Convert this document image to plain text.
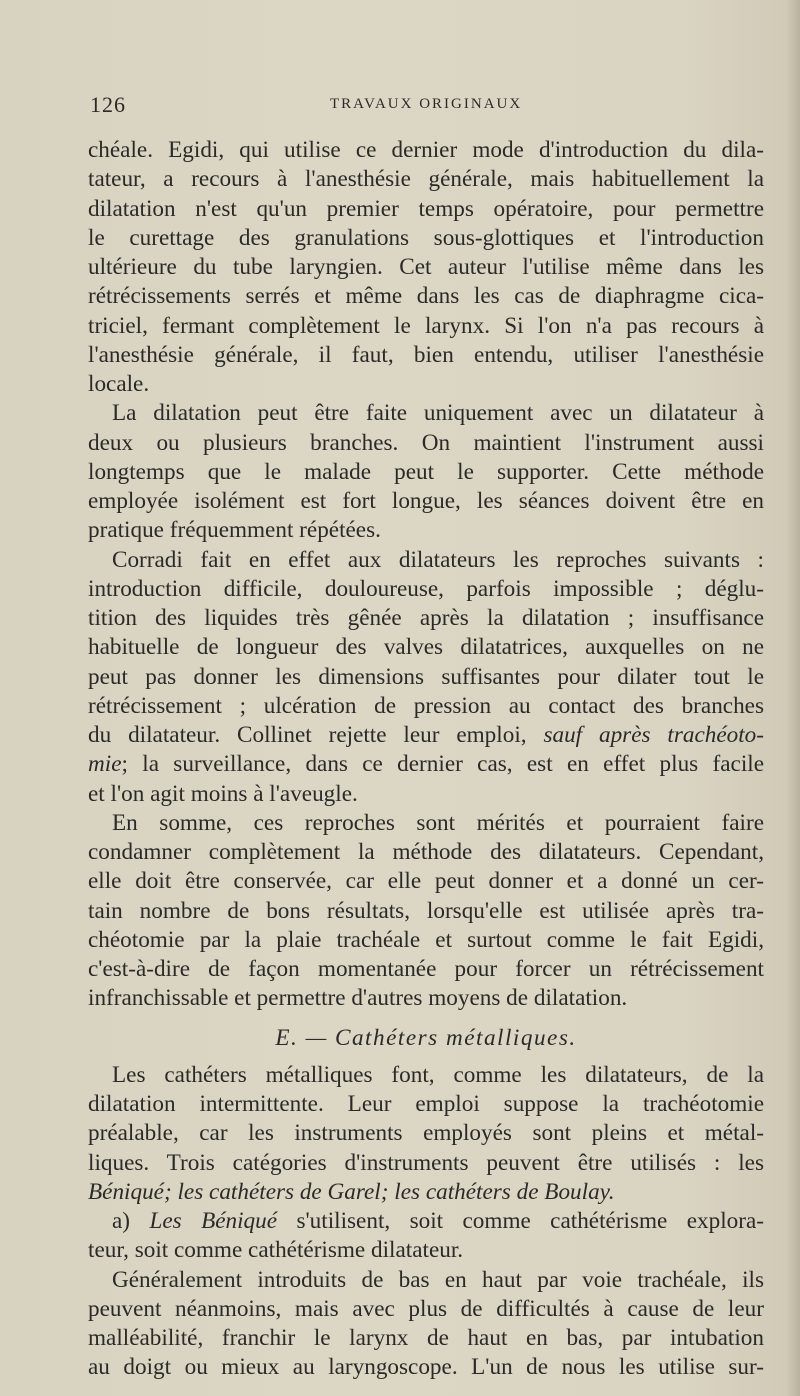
126	TRAVAUX ORIGINAUX
chéale. Egidi, qui utilise ce dernier mode d'introduction du dila-
tateur, a recours à l'anesthésie générale, mais habituellement la
dilatation n'est qu'un premier temps opératoire, pour permettre
le curettage des granulations sous-glottiques et l'introduction
ultérieure du tube laryngien. Cet auteur l'utilise même dans les
rétrécissements serrés et même dans les cas de diaphragme cica-
triciel, fermant complètement le larynx. Si l'on n'a pas recours à
l'anesthésie générale, il faut, bien entendu, utiliser l'anesthésie
locale.
La dilatation peut être faite uniquement avec un dilatateur à
deux ou plusieurs branches. On maintient l'instrument aussi
longtemps que le malade peut le supporter. Cette méthode
employée isolément est fort longue, les séances doivent être en
pratique fréquemment répétées.
Corradi fait en effet aux dilatateurs les reproches suivants :
introduction difficile, douloureuse, parfois impossible ; déglu-
tition des liquides très gênée après la dilatation ; insuffisance
habituelle de longueur des valves dilatatrices, auxquelles on ne
peut pas donner les dimensions suffisantes pour dilater tout le
rétrécissement ; ulcération de pression au contact des branches
du dilatateur. Collinet rejette leur emploi, sauf après trachéoto-
mie; la surveillance, dans ce dernier cas, est en effet plus facile
et l'on agit moins à l'aveugle.
En somme, ces reproches sont mérités et pourraient faire
condamner complètement la méthode des dilatateurs. Cependant,
elle doit être conservée, car elle peut donner et a donné un cer-
tain nombre de bons résultats, lorsqu'elle est utilisée après tra-
chéotomie par la plaie trachéale et surtout comme le fait Egidi,
c'est-à-dire de façon momentanée pour forcer un rétrécissement
infranchissable et permettre d'autres moyens de dilatation.
E. — Cathéters métalliques.
Les cathéters métalliques font, comme les dilatateurs, de la
dilatation intermittente. Leur emploi suppose la trachéotomie
préalable, car les instruments employés sont pleins et métal-
liques. Trois catégories d'instruments peuvent être utilisés : les
Béniqué; les cathéters de Garel; les cathéters de Boulay.
a) Les Béniqué s'utilisent, soit comme cathétérisme explora-
teur, soit comme cathétérisme dilatateur.
Généralement introduits de bas en haut par voie trachéale, ils
peuvent néanmoins, mais avec plus de difficultés à cause de leur
malléabilité, franchir le larynx de haut en bas, par intubation
au doigt ou mieux au laryngoscope. L'un de nous les utilise sur-
